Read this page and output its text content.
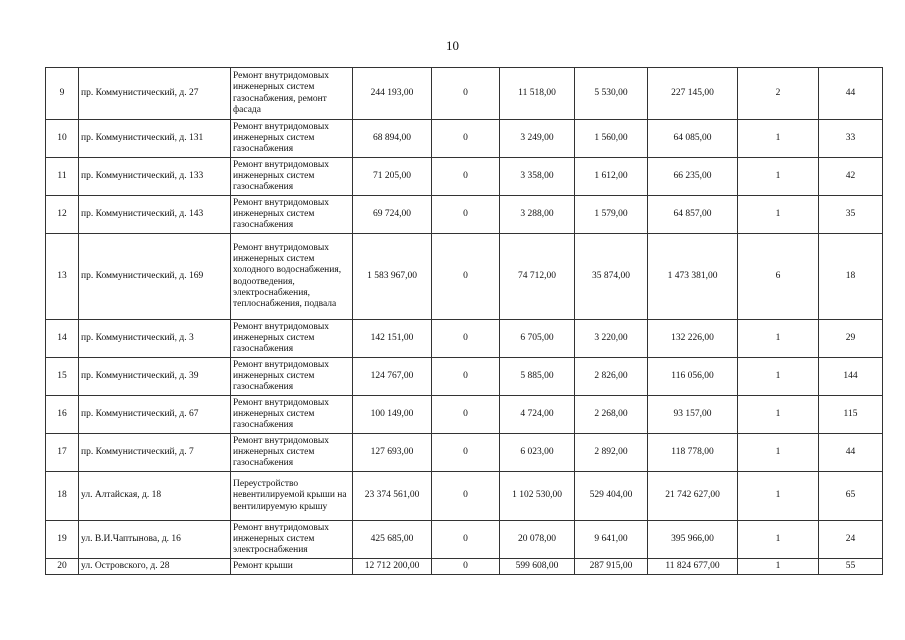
10
9	пр. Коммунистический, д. 27	Ремонт внутридомовых инженерных систем газоснабжения, ремонт фасада	244 193,00	0	11 518,00	5 530,00	227 145,00	2	44
10	пр. Коммунистический, д. 131	Ремонт внутридомовых инженерных систем газоснабжения	68 894,00	0	3 249,00	1 560,00	64 085,00	1	33
11	пр. Коммунистический, д. 133	Ремонт внутридомовых инженерных систем газоснабжения	71 205,00	0	3 358,00	1 612,00	66 235,00	1	42
12	пр. Коммунистический, д. 143	Ремонт внутридомовых инженерных систем газоснабжения	69 724,00	0	3 288,00	1 579,00	64 857,00	1	35
13	пр. Коммунистический, д. 169	Ремонт внутридомовых инженерных систем холодного водоснабжения, водоотведения, электроснабжения, теплоснабжения, подвала	1 583 967,00	0	74 712,00	35 874,00	1 473 381,00	6	18
14	пр. Коммунистический, д. 3	Ремонт внутридомовых инженерных систем газоснабжения	142 151,00	0	6 705,00	3 220,00	132 226,00	1	29
15	пр. Коммунистический, д. 39	Ремонт внутридомовых инженерных систем газоснабжения	124 767,00	0	5 885,00	2 826,00	116 056,00	1	144
16	пр. Коммунистический, д. 67	Ремонт внутридомовых инженерных систем газоснабжения	100 149,00	0	4 724,00	2 268,00	93 157,00	1	115
17	пр. Коммунистический, д. 7	Ремонт внутридомовых инженерных систем газоснабжения	127 693,00	0	6 023,00	2 892,00	118 778,00	1	44
18	ул. Алтайская, д. 18	Переустройство невентилируемой крыши на вентилируемую крышу	23 374 561,00	0	1 102 530,00	529 404,00	21 742 627,00	1	65
19	ул. В.И.Чаптынова, д. 16	Ремонт внутридомовых инженерных систем электроснабжения	425 685,00	0	20 078,00	9 641,00	395 966,00	1	24
20	ул. Островского, д. 28	Ремонт крыши	12 712 200,00	0	599 608,00	287 915,00	11 824 677,00	1	55
